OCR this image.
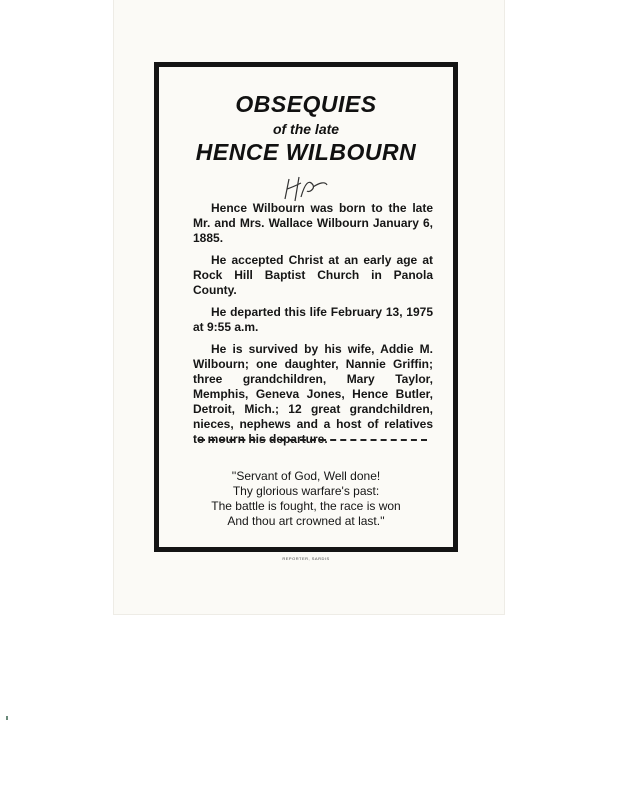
OBSEQUIES
of the late
HENCE WILBOURN

Hence Wilbourn was born to the late Mr. and Mrs. Wallace Wilbourn January 6, 1885.

He accepted Christ at an early age at Rock Hill Baptist Church in Panola County.

He departed this life February 13, 1975 at 9:55 a.m.

He is survived by his wife, Addie M. Wilbourn; one daughter, Nannie Griffin; three grandchildren, Mary Taylor, Memphis, Geneva Jones, Hence Butler, Detroit, Mich.; 12 great grandchildren, nieces, nephews and a host of relatives to mourn his departure.

''Servant of God, Well done!
Thy glorious warfare's past:
The battle is fought, the race is won
And thou art crowned at last.''
REPORTER, SARDIS
